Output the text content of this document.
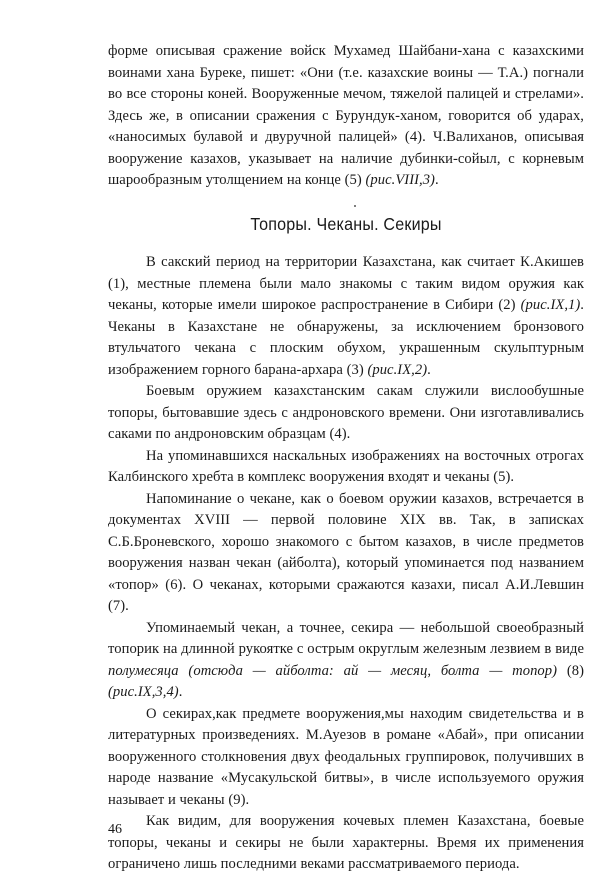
форме описывая сражение войск Мухамед Шайбани-хана с казахскими воинами хана Буреке, пишет: «Они (т.е. казахские воины — Т.А.) погнали во все стороны коней. Вооруженные мечом, тяжелой палицей и стрелами». Здесь же, в описании сражения с Бурундук-ханом, говорится об ударах, «наносимых булавой и двуручной палицей» (4). Ч.Валиханов, описывая вооружение казахов, указывает на наличие дубинки-сойыл, с корневым шарообразным утолщением на конце (5) (рис.VIII,3).

Топоры. Чеканы. Секиры

В сакский период на территории Казахстана, как считает К.Акишев (1), местные племена были мало знакомы с таким видом оружия как чеканы, которые имели широкое распространение в Сибири (2) (рис.IX,1). Чеканы в Казахстане не обнаружены, за исключением бронзового втульчатого чекана с плоским обухом, украшенным скульптурным изображением горного барана-архара (3) (рис.IX,2).

Боевым оружием казахстанским сакам служили вислообушные топоры, бытовавшие здесь с андроновского времени. Они изготавливались саками по андроновским образцам (4).

На упоминавшихся наскальных изображениях на восточных отрогах Калбинского хребта в комплекс вооружения входят и чеканы (5).

Напоминание о чекане, как о боевом оружии казахов, встречается в документах XVIII — первой половине XIX вв. Так, в записках С.Б.Броневского, хорошо знакомого с бытом казахов, в числе предметов вооружения назван чекан (айболта), который упоминается под названием «топор» (6). О чеканах, которыми сражаются казахи, писал А.И.Левшин (7).

Упоминаемый чекан, а точнее, секира — небольшой своеобразный топорик на длинной рукоятке с острым округлым железным лезвием в виде полумесяца (отсюда — айболта: ай — месяц, болта — топор) (8) (рис.IX,3,4).

О секирах,как предмете вооружения,мы находим свидетельства и в литературных произведениях. М.Ауезов в романе «Абай», при описании вооруженного столкновения двух феодальных группировок, получивших в народе название «Мусакульской битвы», в числе используемого оружия называет и чеканы (9).

Как видим, для вооружения кочевых племен Казахстана, боевые топоры, чеканы и секиры не были характерны. Время их применения ограничено лишь последними веками рассматриваемого периода.

46
